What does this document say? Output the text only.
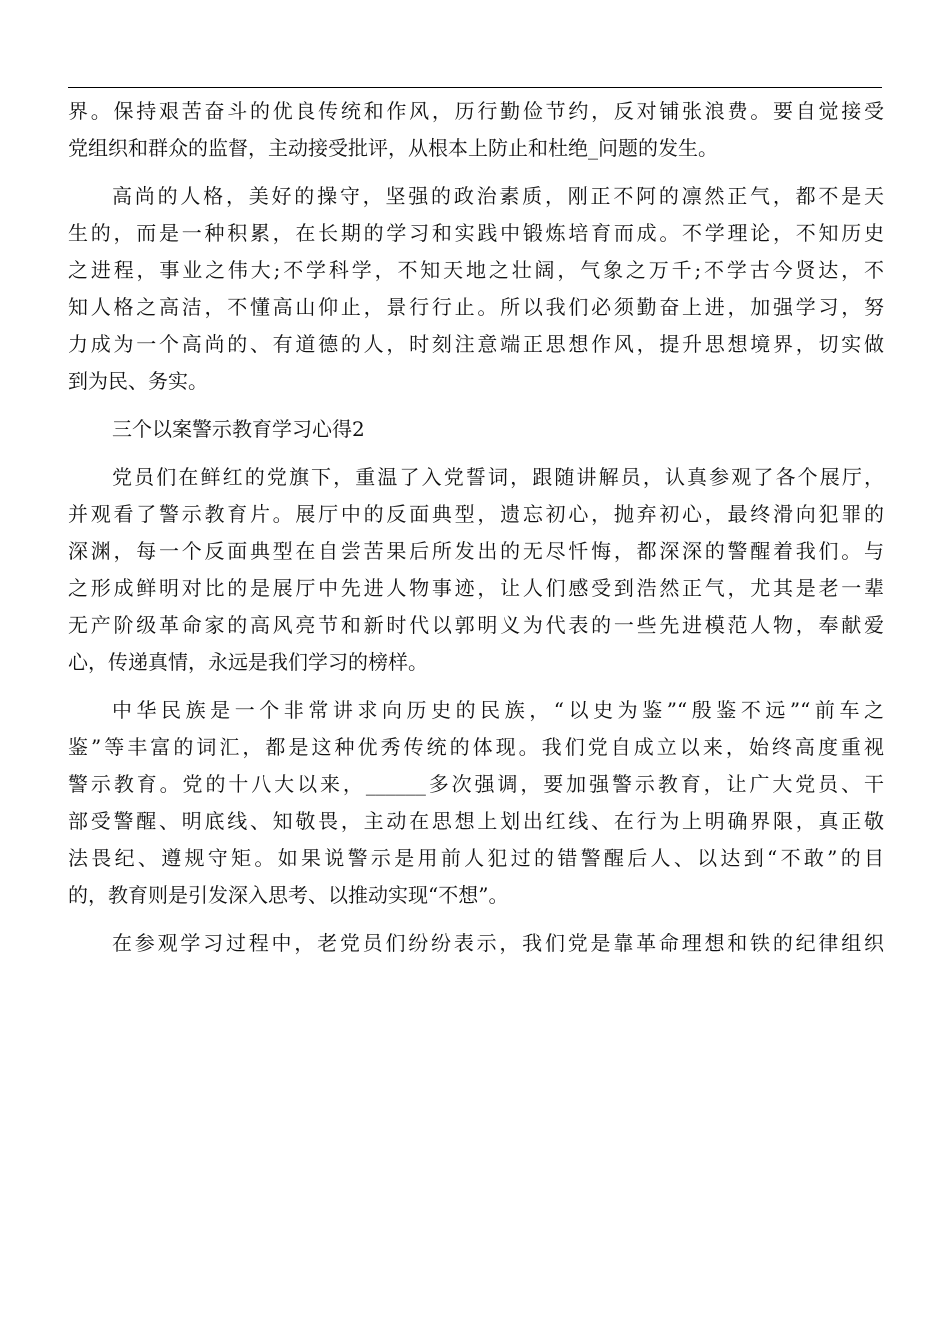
界。保持艰苦奋斗的优良传统和作风，历行勤俭节约，反对铺张浪费。要自觉接受
党组织和群众的监督，主动接受批评，从根本上防止和杜绝_问题的发生。
高尚的人格，美好的操守，坚强的政治素质，刚正不阿的凛然正气，都不是天
生的，而是一种积累，在长期的学习和实践中锻炼培育而成。不学理论，不知历史
之进程，事业之伟大;不学科学，不知天地之壮阔，气象之万千;不学古今贤达，不
知人格之高洁，不懂高山仰止，景行行止。所以我们必须勤奋上进，加强学习，努
力成为一个高尚的、有道德的人，时刻注意端正思想作风，提升思想境界，切实做
到为民、务实。
三个以案警示教育学习心得2
党员们在鲜红的党旗下，重温了入党誓词，跟随讲解员，认真参观了各个展厅，
并观看了警示教育片。展厅中的反面典型，遗忘初心，抛弃初心，最终滑向犯罪的
深渊，每一个反面典型在自尝苦果后所发出的无尽忏悔，都深深的警醒着我们。与
之形成鲜明对比的是展厅中先进人物事迹，让人们感受到浩然正气，尤其是老一辈
无产阶级革命家的高风亮节和新时代以郭明义为代表的一些先进模范人物，奉献爱
心，传递真情，永远是我们学习的榜样。
中华民族是一个非常讲求向历史的民族，“以史为鉴”“殷鉴不远”“前车之
鉴”等丰富的词汇，都是这种优秀传统的体现。我们党自成立以来，始终高度重视
警示教育。党的十八大以来，______多次强调，要加强警示教育，让广大党员、干
部受警醒、明底线、知敬畏，主动在思想上划出红线、在行为上明确界限，真正敬
法畏纪、遵规守矩。如果说警示是用前人犯过的错警醒后人、以达到“不敢”的目
的，教育则是引发深入思考、以推动实现“不想”。
在参观学习过程中，老党员们纷纷表示，我们党是靠革命理想和铁的纪律组织
